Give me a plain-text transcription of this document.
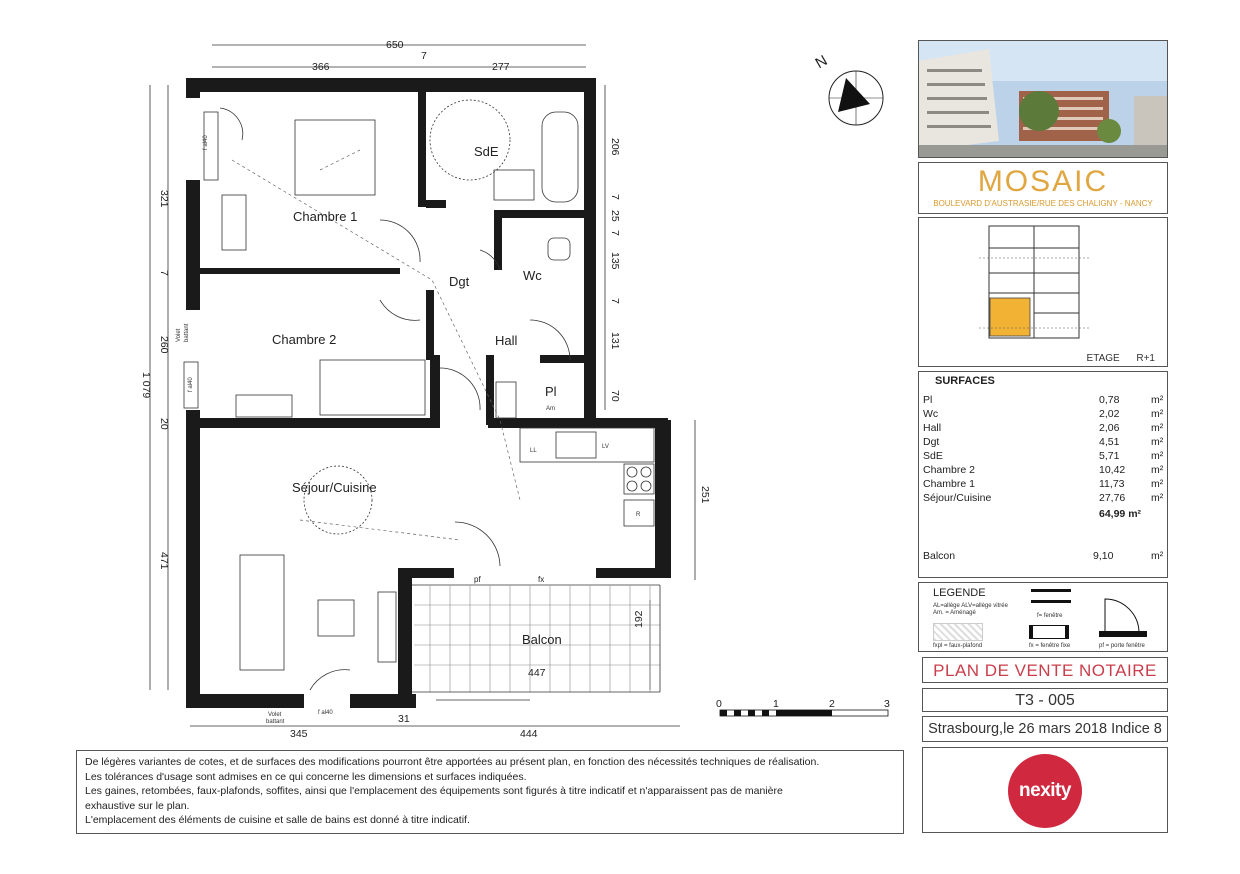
SdE
Chambre 1
Dgt	Wc
Chambre 2	Hall
Pl
Séjour/Cuisine
Balcon
LL
LV
R
Am
pf	fx
f al40
f al40
f al40
Volet battant
Volet
battant
650
366
7
277
321
7
260
1 079
20
471
206
7
25
7
135
7
131
70
251
447
192
345
31
444
N
0	1	2	3
MOSAIC
BOULEVARD D'AUSTRASIE/RUE DES CHALIGNY - NANCY
ETAGE R+1
SURFACES
Pl	0,78	m²
Wc	2,02	m²
Hall	2,06	m²
Dgt	4,51	m²
SdE	5,71	m²
Chambre 2	10,42 m²
Chambre 1	11,73	m²
Séjour/Cuisine	27,76 m²
64,99 m²
Balcon	9,10	m²
LEGENDE
AL=allège ALV=allège vitrée
Am. = Aménagé
fxpl = faux-plafond
f= fenêtre
fx = fenêtre fixe	pf = porte fenêtre
PLAN DE VENTE NOTAIRE
T3 - 005
Strasbourg,le 26 mars 2018 Indice 8
nexity

De légères variantes de cotes, et de surfaces des modifications pourront être apportées au présent plan, en fonction des nécessités techniques de réalisation.

Les tolérances d'usage sont admises en ce qui concerne les dimensions et surfaces indiquées.

Les gaines, retombées, faux-plafonds, soffites, ainsi que l'emplacement des équipements sont figurés à titre indicatif et n'apparaissent pas de manière

exhaustive sur le plan.

L'emplacement des éléments de cuisine et salle de bains est donné à titre indicatif.
